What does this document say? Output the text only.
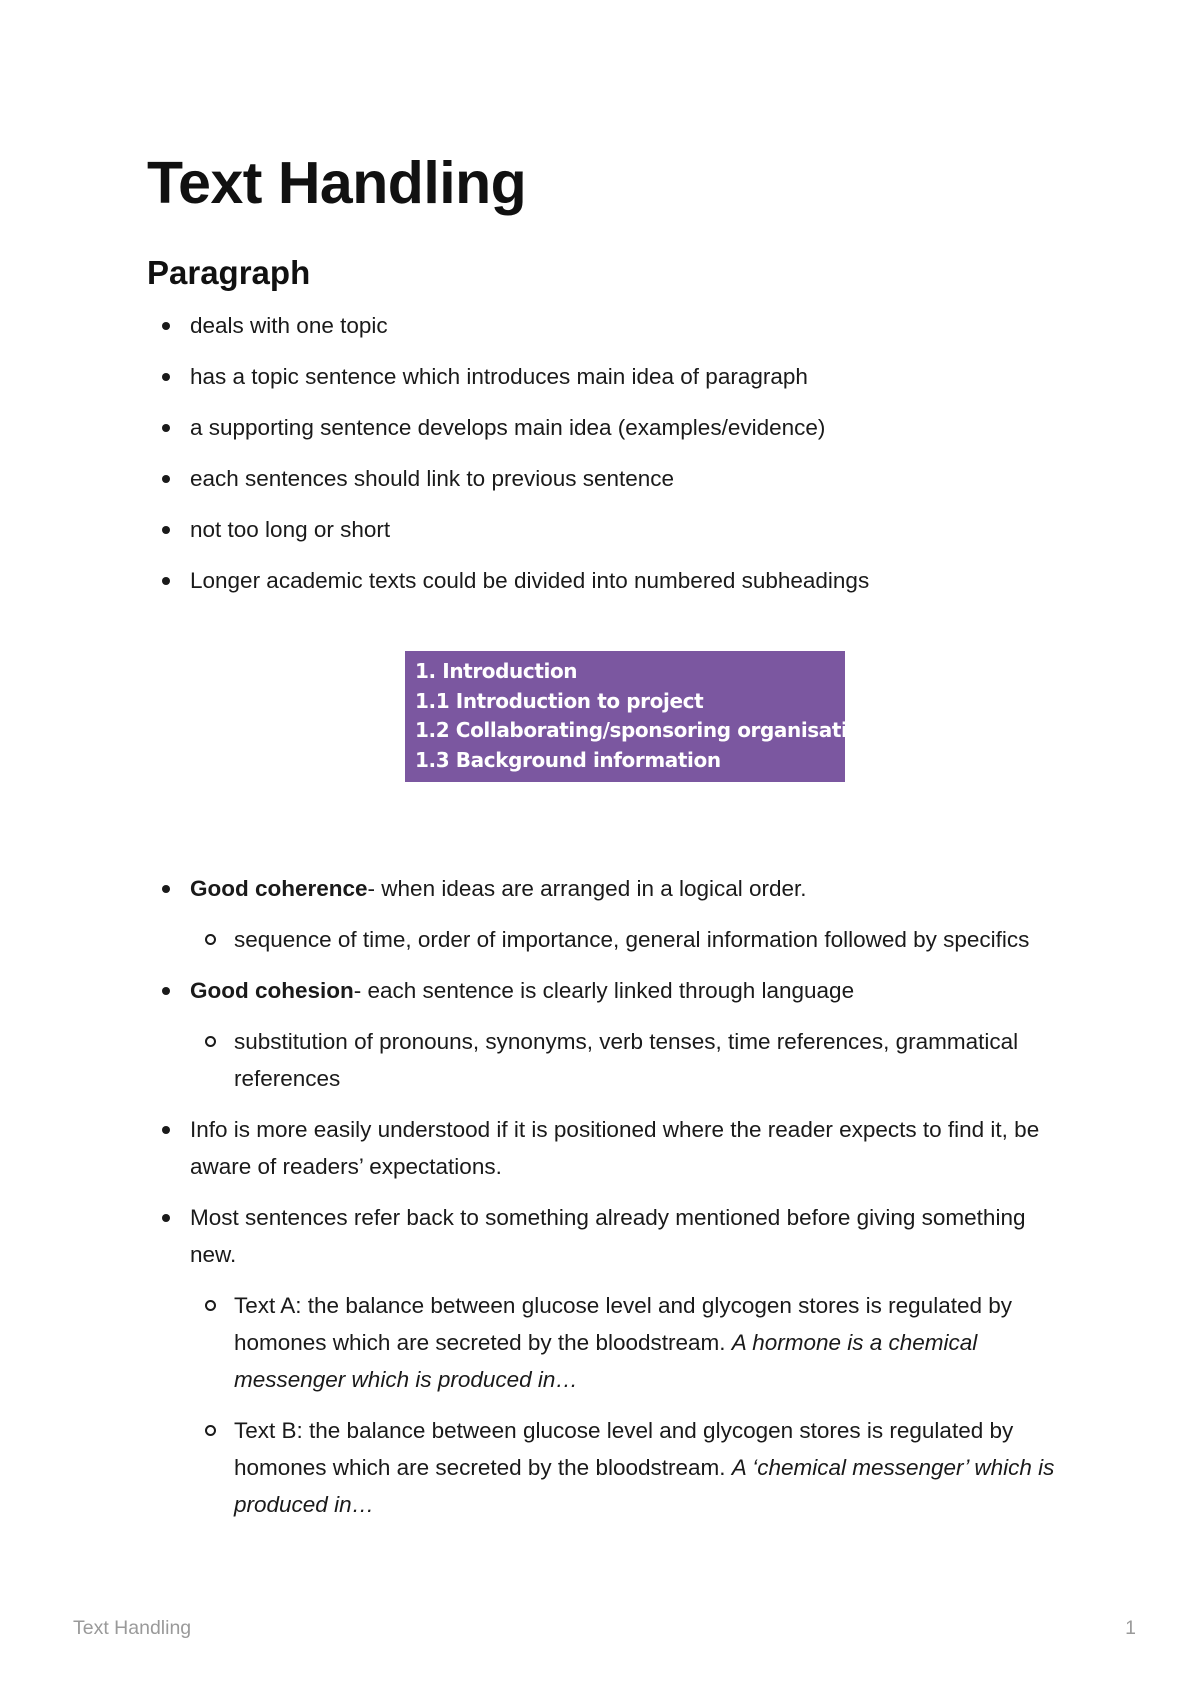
Text Handling
Paragraph
deals with one topic
has a topic sentence which introduces main idea of paragraph
a supporting sentence develops main idea (examples/evidence)
each sentences should link to previous sentence
not too long or short
Longer academic texts could be divided into numbered subheadings
1. Introduction
1.1 Introduction to project
1.2 Collaborating/sponsoring organisation
1.3 Background information
Good coherence- when ideas are arranged in a logical order.
sequence of time, order of importance, general information followed by specifics
Good cohesion- each sentence is clearly linked through language
substitution of pronouns, synonyms, verb tenses, time references, grammatical references
Info is more easily understood if it is positioned where the reader expects to find it, be aware of readers’ expectations.
Most sentences refer back to something already mentioned before giving something new.
Text A: the balance between glucose level and glycogen stores is regulated by homones which are secreted by the bloodstream. A hormone is a chemical messenger which is produced in…
Text B: the balance between glucose level and glycogen stores is regulated by homones which are secreted by the bloodstream. A ‘chemical messenger’ which is produced in…
Text Handling	1
